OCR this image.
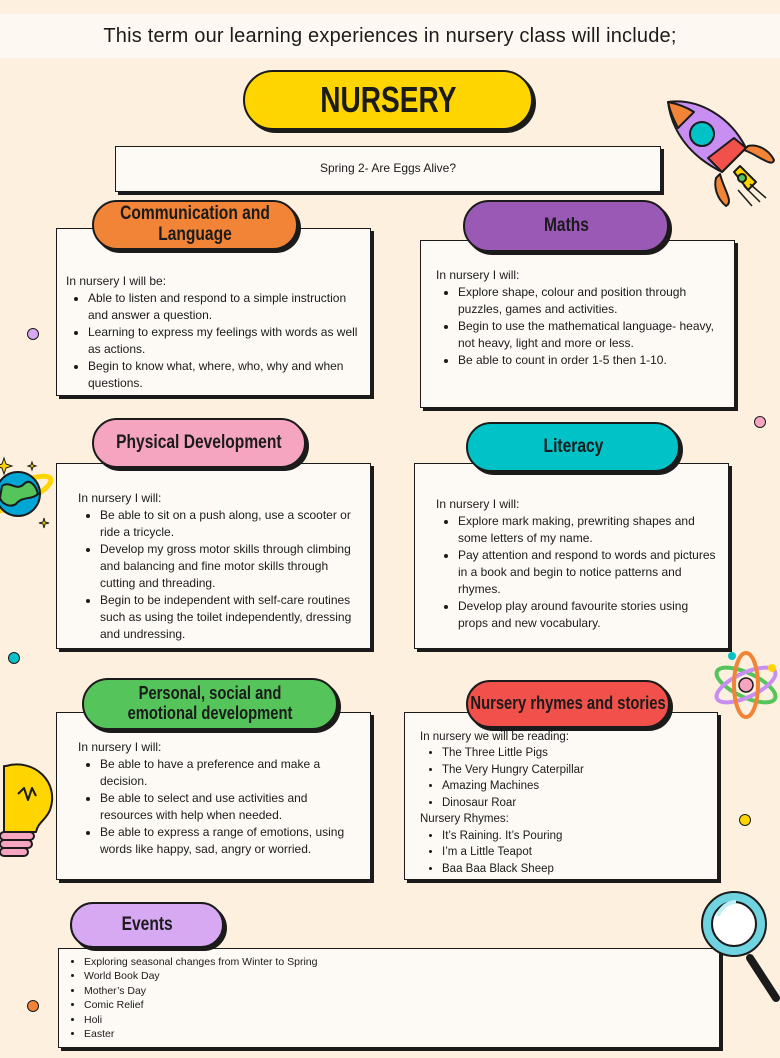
This term our learning experiences in nursery class will include;
NURSERY
Spring 2- Are Eggs Alive?

In nursery I will be:

• Able to listen and respond to a simple instruction and answer a question.
• Learning to express my feelings with words as well as actions.
• Begin to know what, where, who, why and when questions.
Communication and Language

In nursery I will:

• Explore shape, colour and position through puzzles, games and activities.
• Begin to use the mathematical language- heavy, not heavy, light and more or less.
• Be able to count in order 1-5 then 1-10.
Maths

In nursery I will:

• Be able to sit on a push along, use a scooter or ride a tricycle.
• Develop my gross motor skills through climbing and balancing and fine motor skills through cutting and threading.
• Begin to be independent with self-care routines such as using the toilet independently, dressing and undressing.
Physical Development

In nursery I will:

• Explore mark making, prewriting shapes and some letters of my name.
• Pay attention and respond to words and pictures in a book and begin to notice patterns and rhymes.
• Develop play around favourite stories using props and new vocabulary.
Literacy

In nursery I will:

• Be able to have a preference and make a decision.
• Be able to select and use activities and resources with help when needed.
• Be able to express a range of emotions, using words like happy, sad, angry or worried.
Personal, social and emotional development

In nursery we will be reading:

• The Three Little Pigs
• The Very Hungry Caterpillar
• Amazing Machines
• Dinosaur Roar

Nursery Rhymes:

• It’s Raining. It’s Pouring
• I’m a Little Teapot
• Baa Baa Black Sheep
Nursery rhymes and stories
• Exploring seasonal changes from Winter to Spring
• World Book Day
• Mother’s Day
• Comic Relief
• Holi
• Easter
Events
